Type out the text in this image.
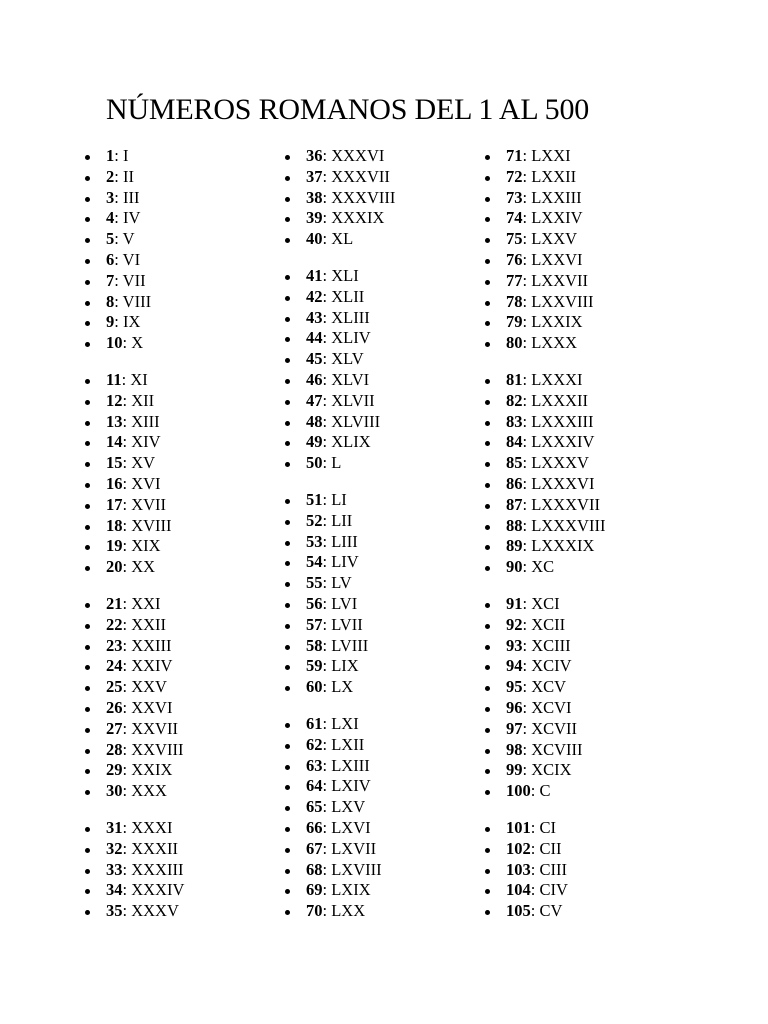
NÚMEROS ROMANOS DEL 1 AL 500
1: I
2: II
3: III
4: IV
5: V
6: VI
7: VII
8: VIII
9: IX
10: X
11: XI
12: XII
13: XIII
14: XIV
15: XV
16: XVI
17: XVII
18: XVIII
19: XIX
20: XX
21: XXI
22: XXII
23: XXIII
24: XXIV
25: XXV
26: XXVI
27: XXVII
28: XXVIII
29: XXIX
30: XXX
31: XXXI
32: XXXII
33: XXXIII
34: XXXIV
35: XXXV
36: XXXVI
37: XXXVII
38: XXXVIII
39: XXXIX
40: XL
41: XLI
42: XLII
43: XLIII
44: XLIV
45: XLV
46: XLVI
47: XLVII
48: XLVIII
49: XLIX
50: L
51: LI
52: LII
53: LIII
54: LIV
55: LV
56: LVI
57: LVII
58: LVIII
59: LIX
60: LX
61: LXI
62: LXII
63: LXIII
64: LXIV
65: LXV
66: LXVI
67: LXVII
68: LXVIII
69: LXIX
70: LXX
71: LXXI
72: LXXII
73: LXXIII
74: LXXIV
75: LXXV
76: LXXVI
77: LXXVII
78: LXXVIII
79: LXXIX
80: LXXX
81: LXXXI
82: LXXXII
83: LXXXIII
84: LXXXIV
85: LXXXV
86: LXXXVI
87: LXXXVII
88: LXXXVIII
89: LXXXIX
90: XC
91: XCI
92: XCII
93: XCIII
94: XCIV
95: XCV
96: XCVI
97: XCVII
98: XCVIII
99: XCIX
100: C
101: CI
102: CII
103: CIII
104: CIV
105: CV
